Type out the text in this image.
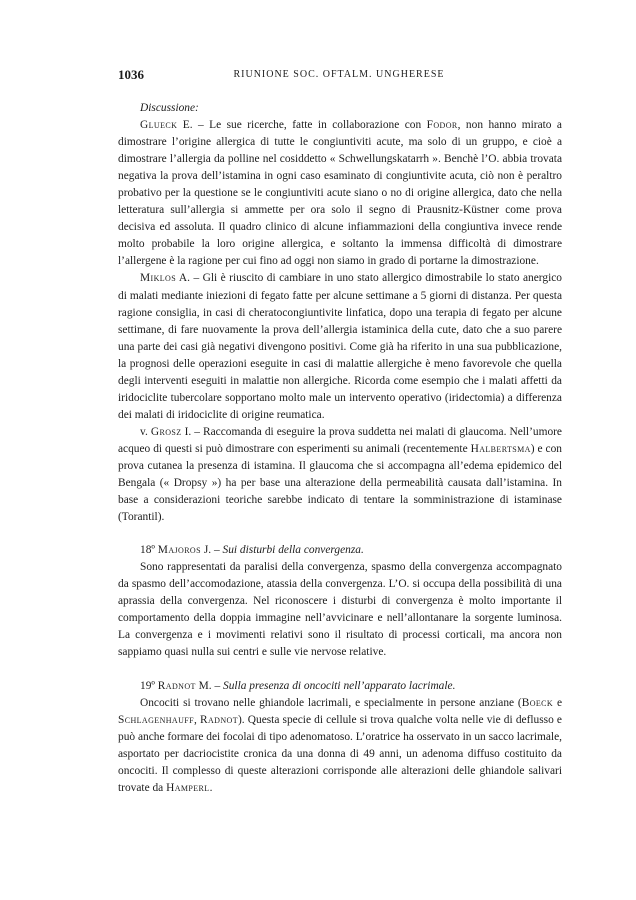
1036	RIUNIONE SOC. OFTALM. UNGHERESE

Discussione:

Glueck E. – Le sue ricerche, fatte in collaborazione con Fodor, non hanno mirato a dimostrare l’origine allergica di tutte le congiuntiviti acute, ma solo di un gruppo, e cioè a dimostrare l’allergia da polline nel cosiddetto « Schwellungskatarrh ». Benchè l’O. abbia trovata negativa la prova dell’istamina in ogni caso esaminato di congiuntivite acuta, ciò non è peraltro probativo per la questione se le congiuntiviti acute siano o no di origine allergica, dato che nella letteratura sull’allergia si ammette per ora solo il segno di Prausnitz-Küstner come prova decisiva ed assoluta. Il quadro clinico di alcune infiammazioni della congiuntiva invece rende molto probabile la loro origine allergica, e soltanto la immensa difficoltà di dimostrare l’allergene è la ragione per cui fino ad oggi non siamo in grado di portarne la dimostrazione.

Miklos A. – Gli è riuscito di cambiare in uno stato allergico dimostrabile lo stato anergico di malati mediante iniezioni di fegato fatte per alcune settimane a 5 giorni di distanza. Per questa ragione consiglia, in casi di cheratocongiuntivite linfatica, dopo una terapia di fegato per alcune settimane, di fare nuovamente la prova dell’allergia istaminica della cute, dato che a suo parere una parte dei casi già negativi divengono positivi. Come già ha riferito in una sua pubblicazione, la prognosi delle operazioni eseguite in casi di malattie allergiche è meno favorevole che quella degli interventi eseguiti in malattie non allergiche. Ricorda come esempio che i malati affetti da iridociclite tubercolare sopportano molto male un intervento operativo (iridectomia) a differenza dei malati di iridociclite di origine reumatica.

v. Grosz I. – Raccomanda di eseguire la prova suddetta nei malati di glaucoma. Nell’umore acqueo di questi si può dimostrare con esperimenti su animali (recentemente Halbertsma) e con prova cutanea la presenza di istamina. Il glaucoma che si accompagna all’edema epidemico del Bengala (« Dropsy ») ha per base una alterazione della permeabilità causata dall’istamina. In base a considerazioni teoriche sarebbe indicato di tentare la somministrazione di istaminase (Torantil).

18º Majoros J. – Sui disturbi della convergenza.

Sono rappresentati da paralisi della convergenza, spasmo della convergenza accompagnato da spasmo dell’accomodazione, atassia della convergenza. L’O. si occupa della possibilità di una aprassia della convergenza. Nel riconoscere i disturbi di convergenza è molto importante il comportamento della doppia immagine nell’avvicinare e nell’allontanare la sorgente luminosa. La convergenza e i movimenti relativi sono il risultato di processi corticali, ma ancora non sappiamo quasi nulla sui centri e sulle vie nervose relative.

19º Radnot M. – Sulla presenza di oncociti nell’apparato lacrimale.

Oncociti si trovano nelle ghiandole lacrimali, e specialmente in persone anziane (Boeck e Schlagenhauff, Radnot). Questa specie di cellule si trova qualche volta nelle vie di deflusso e può anche formare dei focolai di tipo adenomatoso. L’oratrice ha osservato in un sacco lacrimale, asportato per dacriocistite cronica da una donna di 49 anni, un adenoma diffuso costituito da oncociti. Il complesso di queste alterazioni corrisponde alle alterazioni delle ghiandole salivari trovate da Hamperl.
